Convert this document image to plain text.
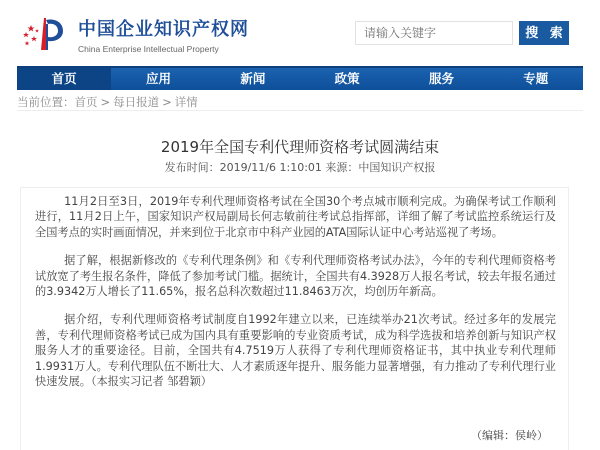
中国企业知识产权网
China Enterprise Intellectual Property
请输入关键字
搜 索
首页	应用	新闻	政策	服务	专题
当前位置：首页 > 每日报道 > 详情
2019年全国专利代理师资格考试圆满结束
发布时间：2019/11/6 1:10:01 来源：中国知识产权报

11月2日至3日，2019年专利代理师资格考试在全国30个考点城市顺利完成。为确保考试工作顺利进行，11月2日上午，国家知识产权局副局长何志敏前往考试总指挥部，详细了解了考试监控系统运行及全国考点的实时画面情况，并来到位于北京市中科产业园的ATA国际认证中心考站巡视了考场。

据了解，根据新修改的《专利代理条例》和《专利代理师资格考试办法》，今年的专利代理师资格考试放宽了考生报名条件，降低了参加考试门槛。据统计，全国共有4.3928万人报名考试，较去年报名通过的3.9342万人增长了11.65%，报名总科次数超过11.8463万次，均创历年新高。

据介绍，专利代理师资格考试制度自1992年建立以来，已连续举办21次考试。经过多年的发展完善，专利代理师资格考试已成为国内具有重要影响的专业资质考试，成为科学选拔和培养创新与知识产权服务人才的重要途径。目前，全国共有4.7519万人获得了专利代理师资格证书，其中执业专利代理师1.9931万人。专利代理队伍不断壮大、人才素质逐年提升、服务能力显著增强，有力推动了专利代理行业快速发展。（本报实习记者 邹碧颖）

（编辑：侯岭）
